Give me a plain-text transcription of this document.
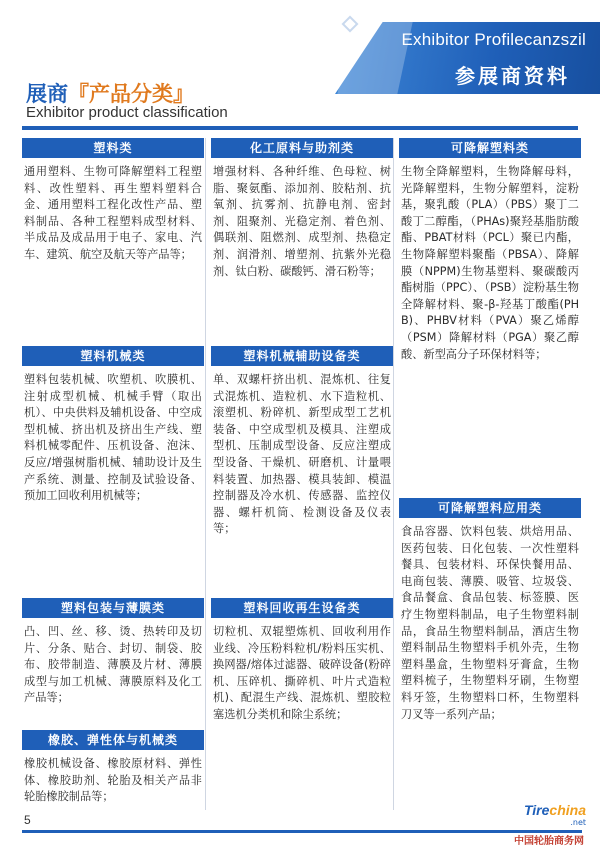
Exhibitor Profilecanzszil
参展商资料
展商『产品分类』
Exhibitor product classification
塑料类
通用塑料、生物可降解塑料工程塑料、改性塑料、再生塑料塑料合金、通用塑料工程化改性产品、塑料制品、各种工程塑料成型材料、半成品及成品用于电子、家电、汽车、建筑、航空及航天等产品等；
塑料机械类
塑料包装机械、吹塑机、吹膜机、注射成型机械、机械手臂（取出机）、中央供料及辅机设备、中空成型机械、挤出机及挤出生产线、塑料机械零配件、压机设备、泡沫、反应/增强树脂机械、辅助设计及生产系统、测量、控制及试验设备、预加工回收利用机械等；
塑料包装与薄膜类
凸、凹、丝、移、烫、热转印及切片、分条、贴合、封切、制袋、胶布、胶带制造、薄膜及片材、薄膜成型与加工机械、薄膜原料及化工产品等；
橡胶、弹性体与机械类
橡胶机械设备、橡胶原材料、弹性体、橡胶助剂、轮胎及相关产品非轮胎橡胶制品等；
化工原料与助剂类
增强材料、各种纤维、色母粒、树脂、聚氨酯、添加剂、胶粘剂、抗氧剂、抗雾剂、抗静电剂、密封剂、阻聚剂、光稳定剂、着色剂、偶联剂、阻燃剂、成型剂、热稳定剂、润滑剂、增塑剂、抗紫外光稳剂、钛白粉、碳酸钙、滑石粉等；
塑料机械辅助设备类
单、双螺杆挤出机、混炼机、往复式混炼机、造粒机、水下造粒机、滚塑机、粉碎机、新型成型工艺机装备、中空成型机及模具、注塑成型机、压制成型设备、反应注塑成型设备、干燥机、研磨机、计量喂料装置、加热器、模具装卸、模温控制器及冷水机、传感器、监控仪器、螺杆机筒、检测设备及仪表等；
塑料回收再生设备类
切粒机、双辊塑炼机、回收利用作业线、冷压粉料粒机/粉料压实机、换网器/熔体过滤器、破碎设备(粉碎机、压碎机、撕碎机、叶片式造粒机)、配混生产线、混炼机、塑胶粒塞选机分类机和除尘系统；
可降解塑料类
生物全降解塑料，生物降解母料，光降解塑料，生物分解塑料，淀粉基，聚乳酸（PLA）（PBS）聚丁二酸丁二醇酯，（PHAs)聚羟基脂肪酸酯、PBAT材料（PCL）聚已内酯，生物降解塑料聚酯（PBSA）、降解膜（NPPM)生物基塑料、聚碳酸丙酯树脂（PPC）、（PSB）淀粉基生物全降解材料、聚-β-羟基丁酸酯(PHB)、PHBV材料（PVA）聚乙烯醇（PSM）降解材料（PGA）聚乙醇酸、新型高分子环保材料等；
可降解塑料应用类
食品容器、饮料包装、烘焙用品、医药包装、日化包装、一次性塑料餐具、包装材料、环保快餐用品、电商包装、薄膜、吸管、垃圾袋、食品餐盒、食品包装、标签膜、医疗生物塑料制品，电子生物塑料制品，食品生物塑料制品，酒店生物塑料制品生物塑料手机外壳，生物塑料墨盒，生物塑料牙膏盒，生物塑料梳子，生物塑料牙刷，生物塑料牙签，生物塑料口杯，生物塑料刀叉等一系列产品；
5
Tirechina
.net
中国轮胎商务网
